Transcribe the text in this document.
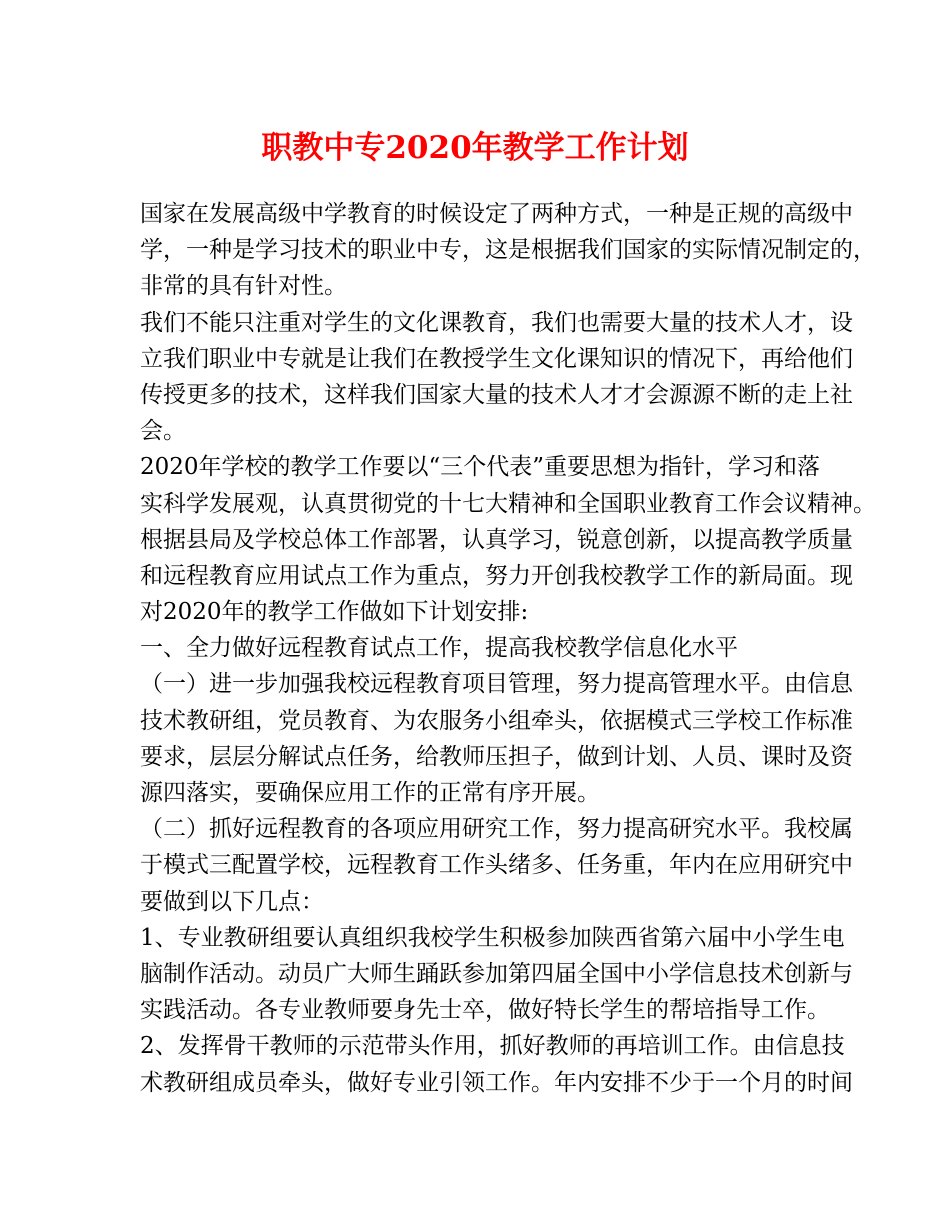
职教中专2020年教学工作计划
国家在发展高级中学教育的时候设定了两种方式，一种是正规的高级中
学，一种是学习技术的职业中专，这是根据我们国家的实际情况制定的，
非常的具有针对性。
我们不能只注重对学生的文化课教育，我们也需要大量的技术人才，设
立我们职业中专就是让我们在教授学生文化课知识的情况下，再给他们
传授更多的技术，这样我们国家大量的技术人才才会源源不断的走上社
会。
2020年学校的教学工作要以“三个代表”重要思想为指针，学习和落
实科学发展观，认真贯彻党的十七大精神和全国职业教育工作会议精神。
根据县局及学校总体工作部署，认真学习，锐意创新，以提高教学质量
和远程教育应用试点工作为重点，努力开创我校教学工作的新局面。现
对2020年的教学工作做如下计划安排:
一、全力做好远程教育试点工作，提高我校教学信息化水平
（一）进一步加强我校远程教育项目管理，努力提高管理水平。由信息
技术教研组，党员教育、为农服务小组牵头，依据模式三学校工作标准
要求，层层分解试点任务，给教师压担子，做到计划、人员、课时及资
源四落实，要确保应用工作的正常有序开展。
（二）抓好远程教育的各项应用研究工作，努力提高研究水平。我校属
于模式三配置学校，远程教育工作头绪多、任务重，年内在应用研究中
要做到以下几点：
1、专业教研组要认真组织我校学生积极参加陕西省第六届中小学生电
脑制作活动。动员广大师生踊跃参加第四届全国中小学信息技术创新与
实践活动。各专业教师要身先士卒，做好特长学生的帮培指导工作。
2、发挥骨干教师的示范带头作用，抓好教师的再培训工作。由信息技
术教研组成员牵头，做好专业引领工作。年内安排不少于一个月的时间
